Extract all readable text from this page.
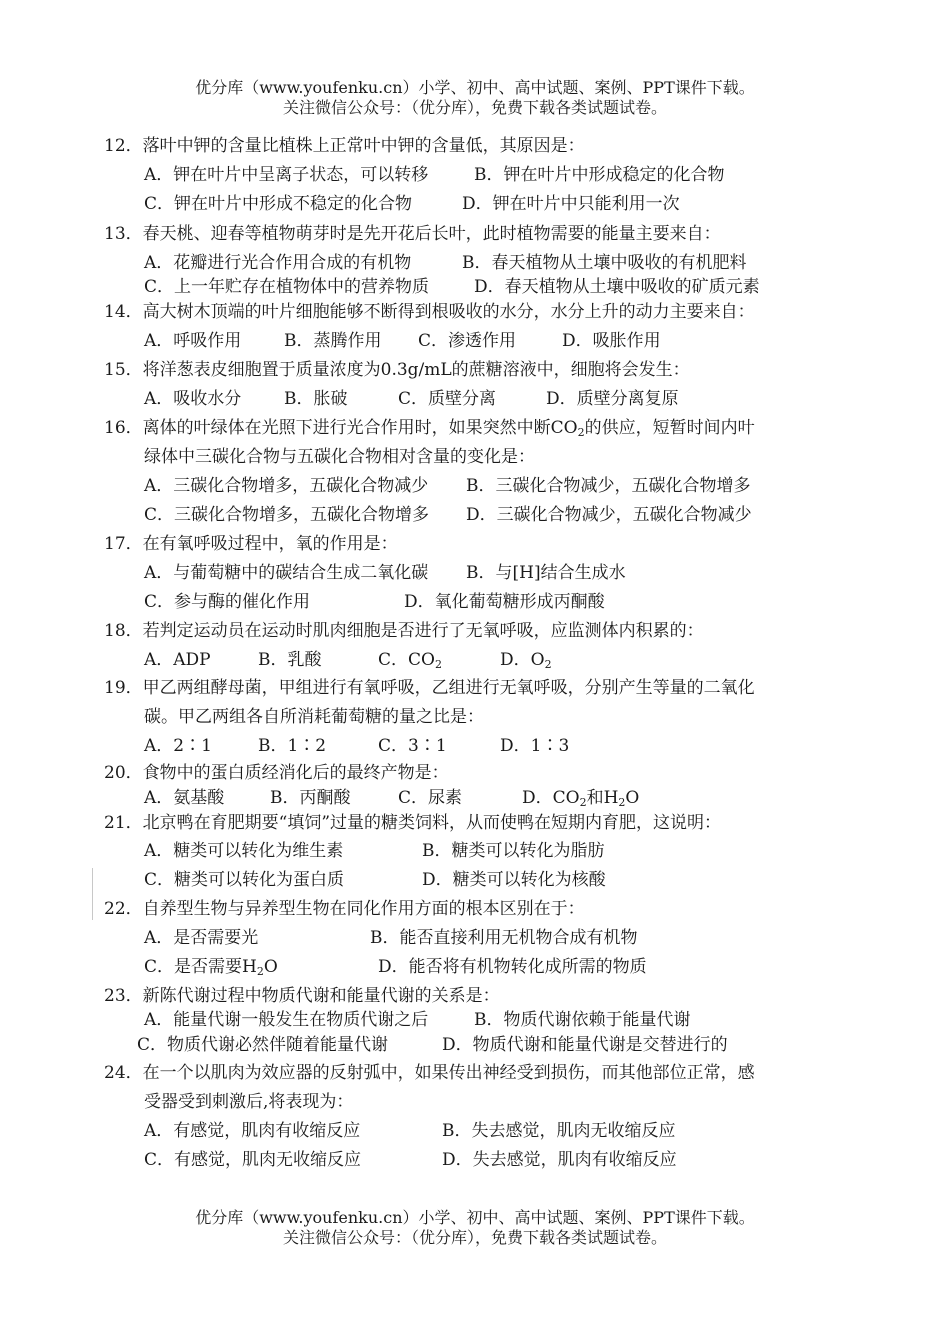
优分库（www.youfenku.cn）小学、初中、高中试题、案例、PPT课件下载。
关注微信公众号：（优分库），免费下载各类试题试卷。
12．落叶中钾的含量比植株上正常叶中钾的含量低，其原因是：
A．钾在叶片中呈离子状态，可以转移	B．钾在叶片中形成稳定的化合物
C．钾在叶片中形成不稳定的化合物	D．钾在叶片中只能利用一次
13．春天桃、迎春等植物萌芽时是先开花后长叶，此时植物需要的能量主要来自：
A．花瓣进行光合作用合成的有机物	B．春天植物从土壤中吸收的有机肥料
C．上一年贮存在植物体中的营养物质	D．春天植物从土壤中吸收的矿质元素
14．高大树木顶端的叶片细胞能够不断得到根吸收的水分，水分上升的动力主要来自：
A．呼吸作用	B．蒸腾作用 C．渗透作用	D．吸胀作用
15．将洋葱表皮细胞置于质量浓度为0.3g/mL的蔗糖溶液中，细胞将会发生：
A．吸收水分	B．胀破	C．质壁分离	D．质壁分离复原
16．离体的叶绿体在光照下进行光合作用时，如果突然中断$CO_2$的供应，短暂时间内叶
绿体中三碳化合物与五碳化合物相对含量的变化是：
A．三碳化合物增多，五碳化合物减少 B．三碳化合物减少，五碳化合物增多
C．三碳化合物增多，五碳化合物增多 D．三碳化合物减少，五碳化合物减少
17．在有氧呼吸过程中，氧的作用是：
A．与葡萄糖中的碳结合生成二氧化碳 B．与[H]结合生成水
C．参与酶的催化作用	D．氧化葡萄糖形成丙酮酸
18．若判定运动员在运动时肌肉细胞是否进行了无氧呼吸，应监测体内积累的：
A．ADP	B．乳酸	C．$CO_2$	D．$O_2$
19．甲乙两组酵母菌，甲组进行有氧呼吸，乙组进行无氧呼吸，分别产生等量的二氧化
碳。甲乙两组各自所消耗葡萄糖的量之比是：
A．2∶1	B．1∶2	C．3∶1	D．1∶3
20．食物中的蛋白质经消化后的最终产物是：
A．氨基酸	B．丙酮酸	C．尿素	D．$CO_2$和$H_2O$
21．北京鸭在育肥期要“填饲”过量的糖类饲料，从而使鸭在短期内育肥，这说明：
A．糖类可以转化为维生素	B．糖类可以转化为脂肪
C．糖类可以转化为蛋白质	D．糖类可以转化为核酸
22．自养型生物与异养型生物在同化作用方面的根本区别在于：
A．是否需要光	B．能否直接利用无机物合成有机物
C．是否需要$H_2O$	D．能否将有机物转化成所需的物质
23．新陈代谢过程中物质代谢和能量代谢的关系是：
A．能量代谢一般发生在物质代谢之后	B．物质代谢依赖于能量代谢
C．物质代谢必然伴随着能量代谢	D．物质代谢和能量代谢是交替进行的
24．在一个以肌肉为效应器的反射弧中，如果传出神经受到损伤，而其他部位正常，感
受器受到刺激后,将表现为：
A．有感觉，肌肉有收缩反应	B．失去感觉，肌肉无收缩反应
C．有感觉，肌肉无收缩反应	D．失去感觉，肌肉有收缩反应
优分库（www.youfenku.cn）小学、初中、高中试题、案例、PPT课件下载。
关注微信公众号：（优分库），免费下载各类试题试卷。
